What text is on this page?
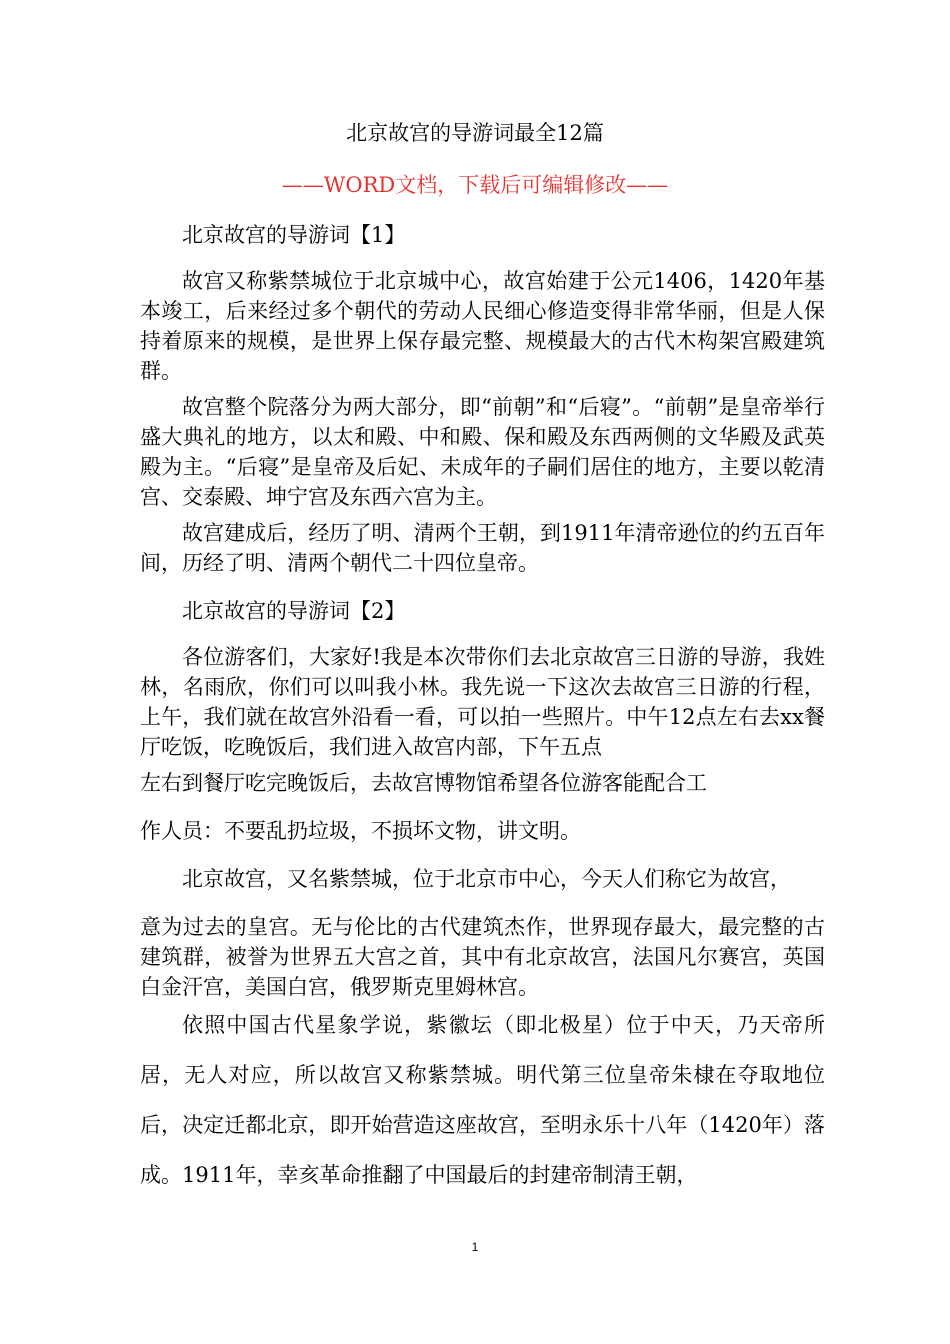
北京故宫的导游词最全12篇
——WORD文档，下载后可编辑修改——
北京故宫的导游词【1】
故宫又称紫禁城位于北京城中心，故宫始建于公元1406，1420年基本竣工，后来经过多个朝代的劳动人民细心修造变得非常华丽，但是人保持着原来的规模，是世界上保存最完整、规模最大的古代木构架宫殿建筑群。
故宫整个院落分为两大部分，即“前朝”和“后寝”。“前朝”是皇帝举行盛大典礼的地方，以太和殿、中和殿、保和殿及东西两侧的文华殿及武英殿为主。“后寝”是皇帝及后妃、未成年的子嗣们居住的地方，主要以乾清宫、交泰殿、坤宁宫及东西六宫为主。
故宫建成后，经历了明、清两个王朝，到1911年清帝逊位的约五百年间，历经了明、清两个朝代二十四位皇帝。
北京故宫的导游词【2】
各位游客们，大家好!我是本次带你们去北京故宫三日游的导游，我姓林，名雨欣，你们可以叫我小林。我先说一下这次去故宫三日游的行程，上午，我们就在故宫外沿看一看，可以拍一些照片。中午12点左右去xx餐厅吃饭，吃晚饭后，我们进入故宫内部，下午五点
左右到餐厅吃完晚饭后，去故宫博物馆希望各位游客能配合工
作人员：不要乱扔垃圾，不损坏文物，讲文明。
北京故宫，又名紫禁城，位于北京市中心，今天人们称它为故宫，
意为过去的皇宫。无与伦比的古代建筑杰作，世界现存最大，最完整的古建筑群，被誉为世界五大宫之首，其中有北京故宫，法国凡尔赛宫，英国白金汗宫，美国白宫，俄罗斯克里姆林宫。
依照中国古代星象学说，紫徽坛（即北极星）位于中天，乃天帝所居，无人对应，所以故宫又称紫禁城。明代第三位皇帝朱棣在夺取地位后，决定迁都北京，即开始营造这座故宫，至明永乐十八年（1420年）落成。1911年，幸亥革命推翻了中国最后的封建帝制清王朝，
1
